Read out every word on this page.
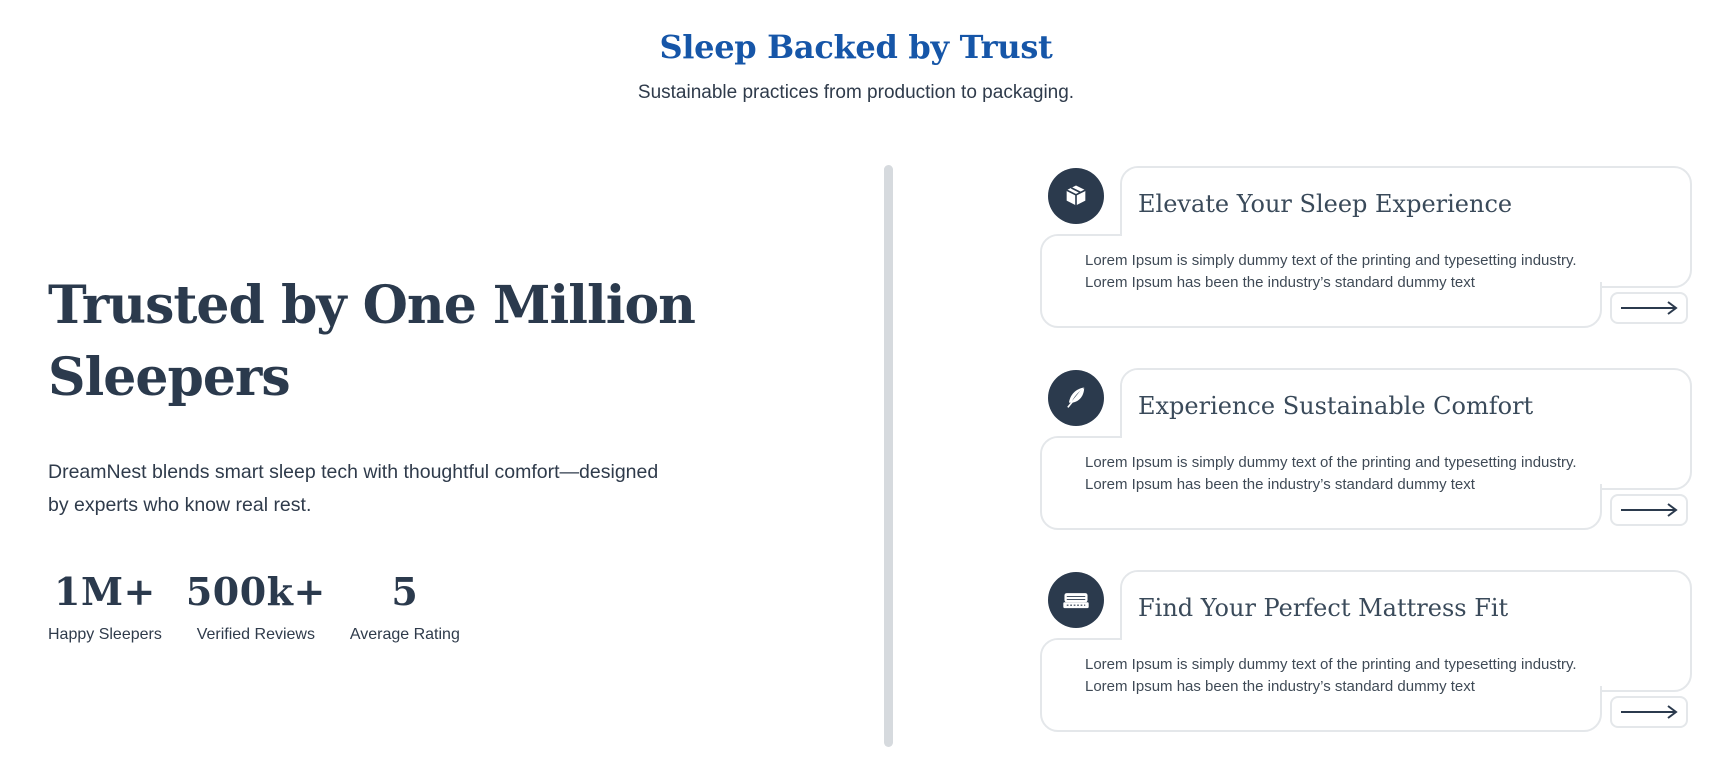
Sleep Backed by Trust

Sustainable practices from production to packaging.

Trusted by One Million
Sleepers

DreamNest blends smart sleep tech with thoughtful comfort—designed by experts who know real rest.

1M+
Happy Sleepers
500k+
Verified Reviews
5
Average Rating
Elevate Your Sleep Experience
Lorem Ipsum is simply dummy text of the printing and typesetting industry.
Lorem Ipsum has been the industry’s standard dummy text
Experience Sustainable Comfort
Lorem Ipsum is simply dummy text of the printing and typesetting industry.
Lorem Ipsum has been the industry’s standard dummy text
Find Your Perfect Mattress Fit
Lorem Ipsum is simply dummy text of the printing and typesetting industry.
Lorem Ipsum has been the industry’s standard dummy text
